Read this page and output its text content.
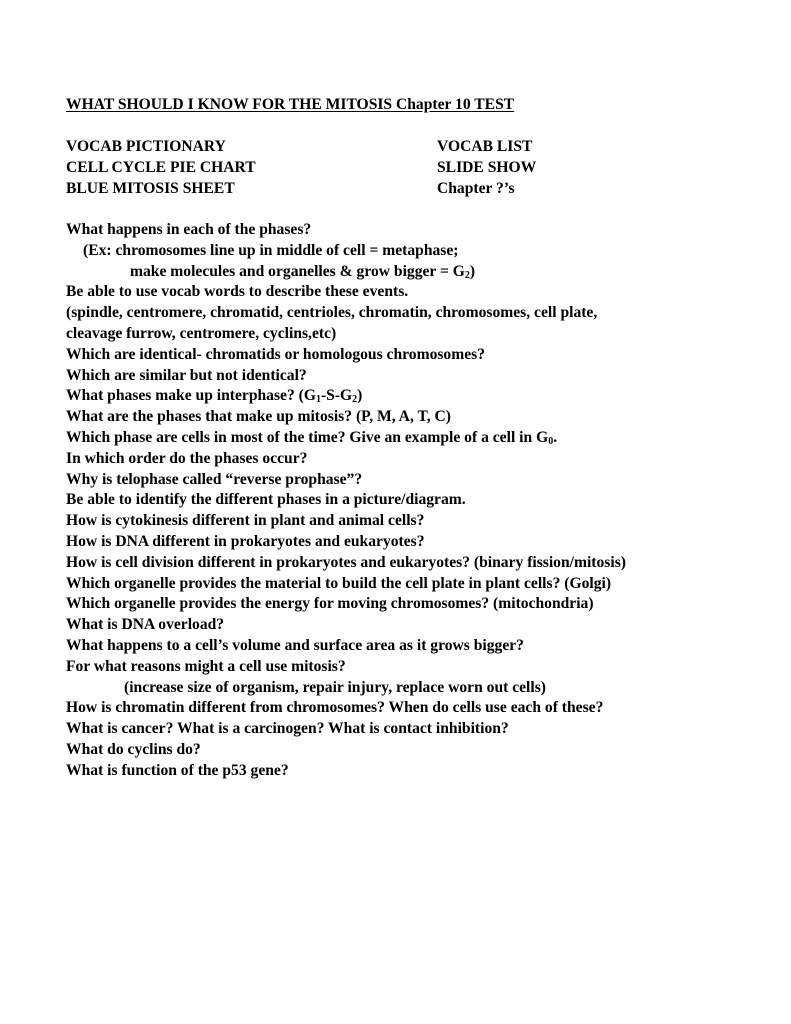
WHAT SHOULD I KNOW FOR THE MITOSIS Chapter 10 TEST
VOCAB PICTIONARY
CELL CYCLE PIE CHART
BLUE MITOSIS SHEET
VOCAB LIST
SLIDE SHOW
Chapter ?’s
What happens in each of the phases?
(Ex: chromosomes line up in middle of cell = metaphase;
make molecules and organelles & grow bigger = $G_2$)
Be able to use vocab words to describe these events.
(spindle, centromere, chromatid, centrioles, chromatin, chromosomes, cell plate,
cleavage furrow, centromere, cyclins,etc)
Which are identical- chromatids or homologous chromosomes?
Which are similar but not identical?
What phases make up interphase? $(G_1-S-G_2)$
What are the phases that make up mitosis? (P, M, A, T, C)
Which phase are cells in most of the time? Give an example of a cell in $G_0$.
In which order do the phases occur?
Why is telophase called “reverse prophase”?
Be able to identify the different phases in a picture/diagram.
How is cytokinesis different in plant and animal cells?
How is DNA different in prokaryotes and eukaryotes?
How is cell division different in prokaryotes and eukaryotes? (binary fission/mitosis)
Which organelle provides the material to build the cell plate in plant cells? (Golgi)
Which organelle provides the energy for moving chromosomes? (mitochondria)
What is DNA overload?
What happens to a cell’s volume and surface area as it grows bigger?
For what reasons might a cell use mitosis?
(increase size of organism, repair injury, replace worn out cells)
How is chromatin different from chromosomes? When do cells use each of these?
What is cancer? What is a carcinogen? What is contact inhibition?
What do cyclins do?
What is function of the p53 gene?
